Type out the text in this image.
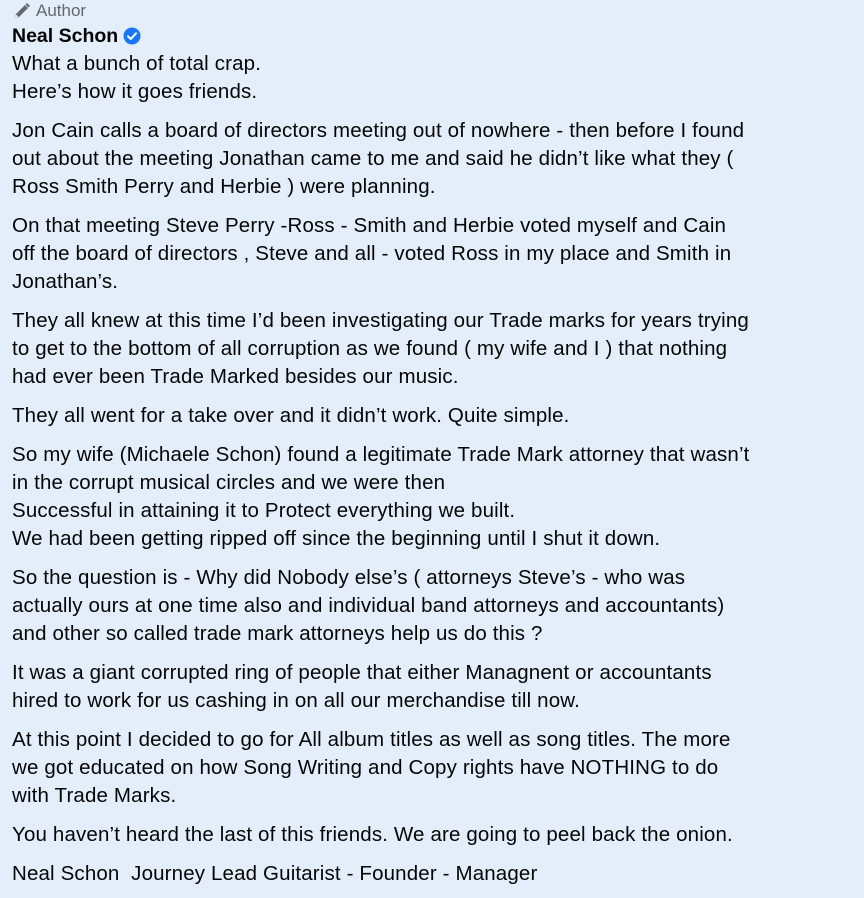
Author
Neal Schon
What a bunch of total crap.
Here’s how it goes friends.
Jon Cain calls a board of directors meeting out of nowhere - then before I found
out about the meeting Jonathan came to me and said he didn’t like what they (
Ross Smith Perry and Herbie ) were planning.
On that meeting Steve Perry -Ross - Smith and Herbie voted myself and Cain
off the board of directors , Steve and all - voted Ross in my place and Smith in
Jonathan’s.
They all knew at this time I’d been investigating our Trade marks for years trying
to get to the bottom of all corruption as we found ( my wife and I ) that nothing
had ever been Trade Marked besides our music.
They all went for a take over and it didn’t work. Quite simple.
So my wife (Michaele Schon) found a legitimate Trade Mark attorney that wasn’t
in the corrupt musical circles and we were then
Successful in attaining it to Protect everything we built.
We had been getting ripped off since the beginning until I shut it down.
So the question is - Why did Nobody else’s ( attorneys Steve’s - who was
actually ours at one time also and individual band attorneys and accountants)
and other so called trade mark attorneys help us do this ?
It was a giant corrupted ring of people that either Managnent or accountants
hired to work for us cashing in on all our merchandise till now.
At this point I decided to go for All album titles as well as song titles. The more
we got educated on how Song Writing and Copy rights have NOTHING to do
with Trade Marks.
You haven’t heard the last of this friends. We are going to peel back the onion.
Neal Schon  Journey Lead Guitarist - Founder - Manager
